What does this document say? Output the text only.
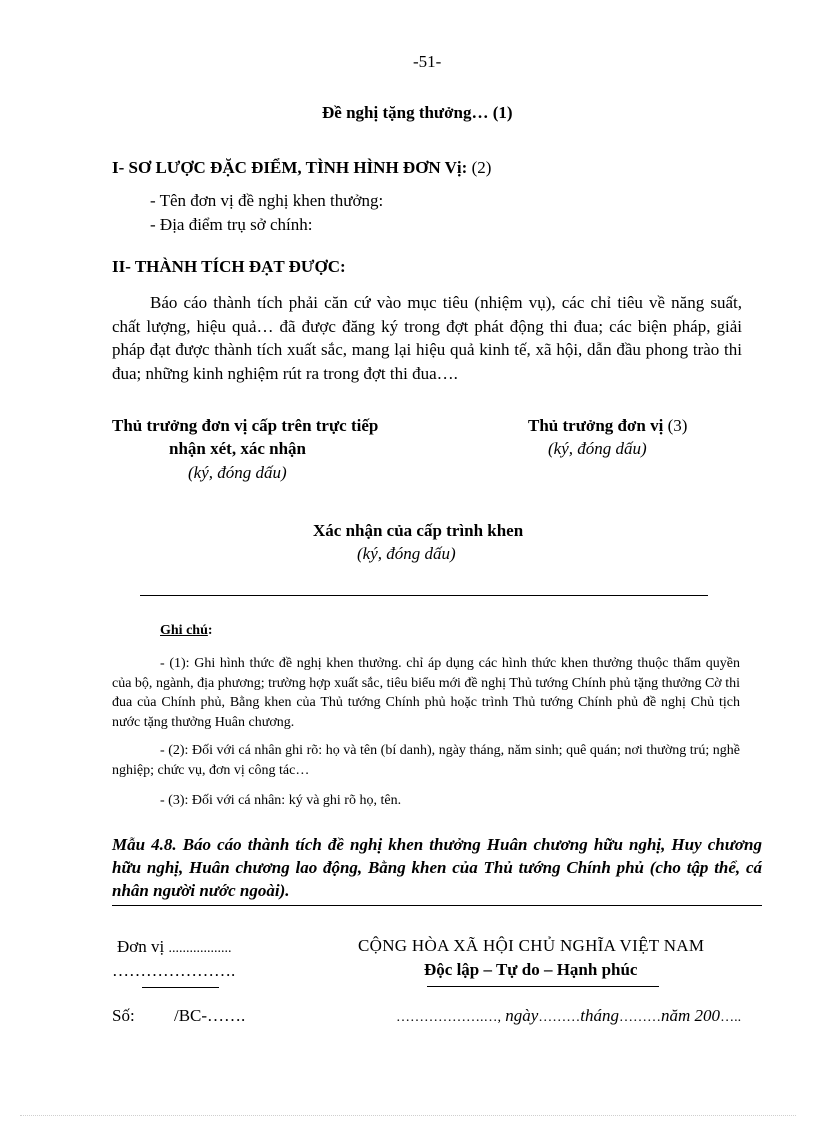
-51-
Đề nghị tặng thưởng… (1)
I- SƠ LƯỢC ĐẶC ĐIỂM, TÌNH HÌNH ĐƠN Vị: (2)
- Tên đơn vị đề nghị khen thưởng:
- Địa điểm trụ sở chính:
II- THÀNH TÍCH ĐẠT ĐƯỢC:
Báo cáo thành tích phải căn cứ vào mục tiêu (nhiệm vụ), các chỉ tiêu về năng suất, chất lượng, hiệu quả… đã được đăng ký trong đợt phát động thi đua; các biện pháp, giải pháp đạt được thành tích xuất sắc, mang lại hiệu quả kinh tế, xã hội, dẫn đầu phong trào thi đua; những kinh nghiệm rút ra trong đợt thi đua….
Thủ trưởng đơn vị cấp trên trực tiếp
nhận xét, xác nhận
(ký, đóng dấu)
Thủ trưởng đơn vị (3)
(ký, đóng dấu)
Xác nhận của cấp trình khen
(ký, đóng dấu)
Ghi chú:
- (1): Ghi hình thức đề nghị khen thưởng. chỉ áp dụng các hình thức khen thưởng thuộc thẩm quyền của bộ, ngành, địa phương; trường hợp xuất sắc, tiêu biểu mới đề nghị Thủ tướng Chính phủ tặng thưởng Cờ thi đua của Chính phủ, Bằng khen của Thủ tướng Chính phủ hoặc trình Thủ tướng Chính phủ đề nghị Chủ tịch nước tặng thưởng Huân chương.
- (2): Đối với cá nhân ghi rõ: họ và tên (bí danh), ngày tháng, năm sinh; quê quán; nơi thường trú; nghề nghiệp; chức vụ, đơn vị công tác…
- (3): Đối với cá nhân: ký và ghi rõ họ, tên.
Mẫu 4.8. Báo cáo thành tích đề nghị khen thưởng Huân chương hữu nghị, Huy chương hữu nghị, Huân chương lao động, Bằng khen của Thủ tướng Chính phủ (cho tập thể, cá nhân người nước ngoài).
Đơn vị ..................
………………….
CỘNG HÒA XÃ HỘI CHỦ NGHĨA VIỆT NAM
Độc lập – Tự do – Hạnh phúc
Số: /BC-…….	……………….…, ngày………tháng………năm 200…..
